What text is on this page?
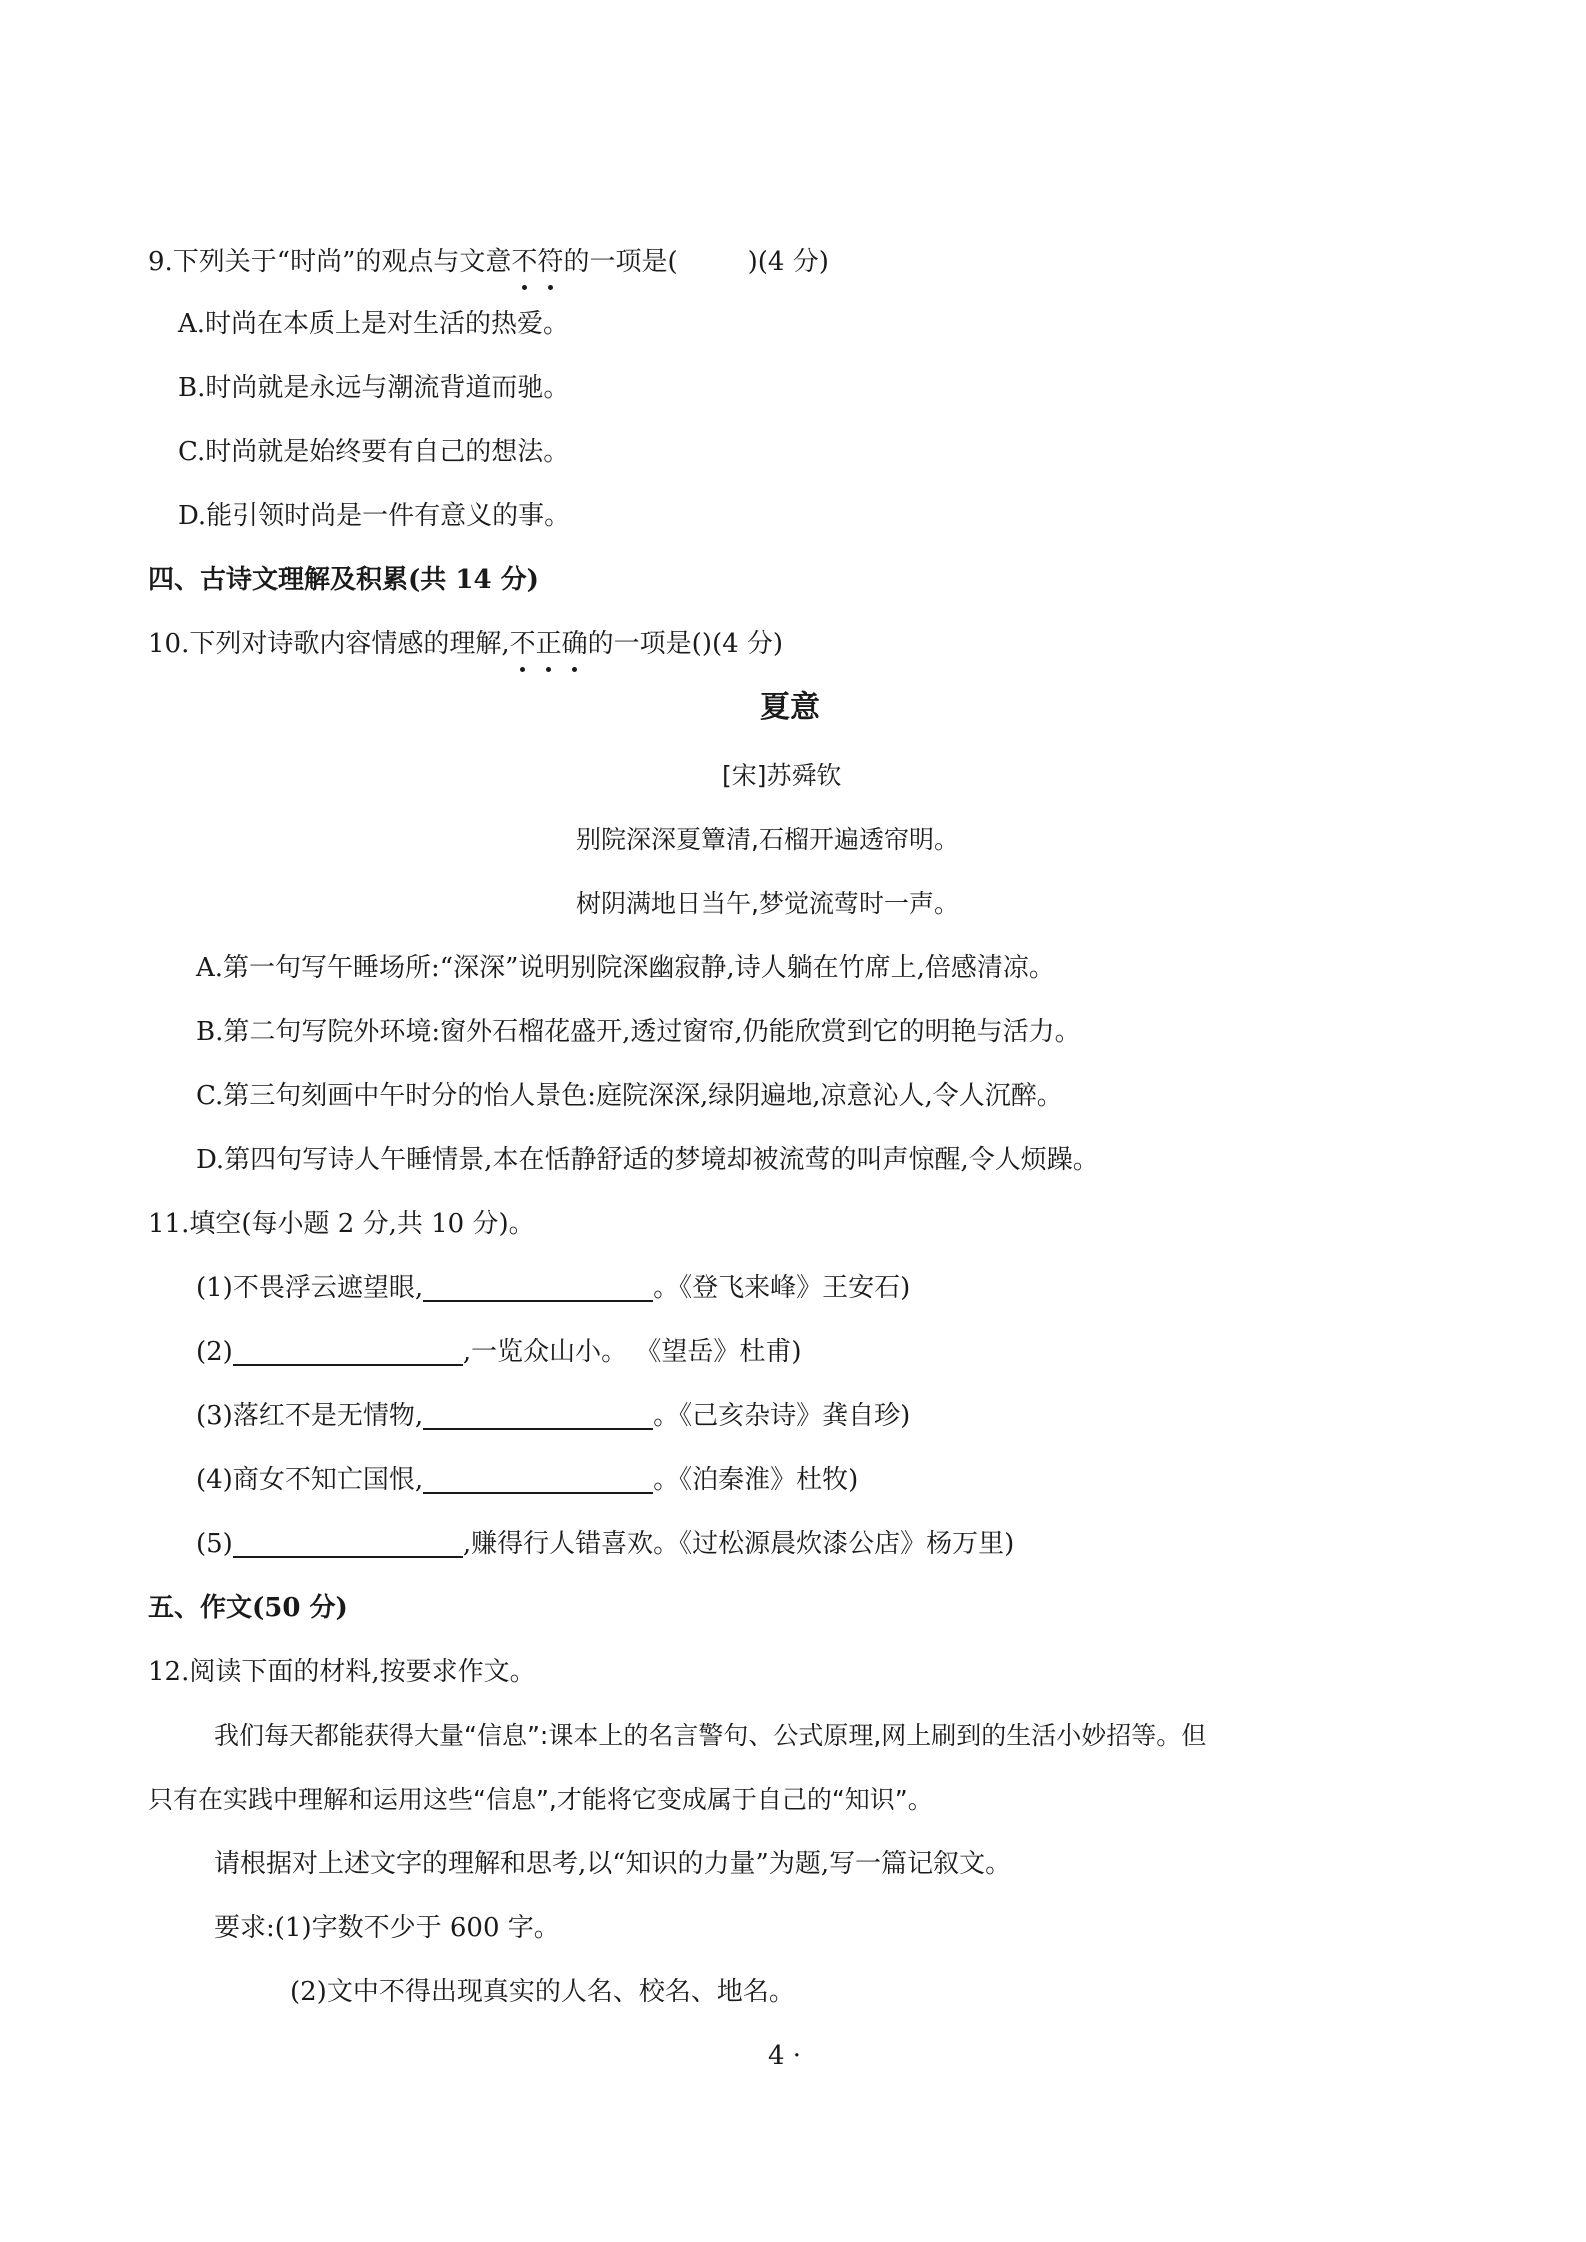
9.下列关于“时尚”的观点与文意不符的一项是(	)(4 分)
A.时尚在本质上是对生活的热爱。
B.时尚就是永远与潮流背道而驰。
C.时尚就是始终要有自己的想法。
D.能引领时尚是一件有意义的事。
四、古诗文理解及积累(共 14 分)
10.下列对诗歌内容情感的理解,不正确的一项是()(4 分)
夏意
[宋]苏舜钦
别院深深夏簟清,石榴开遍透帘明。
树阴满地日当午,梦觉流莺时一声。
A.第一句写午睡场所:“深深”说明别院深幽寂静,诗人躺在竹席上,倍感清凉。
B.第二句写院外环境:窗外石榴花盛开,透过窗帘,仍能欣赏到它的明艳与活力。
C.第三句刻画中午时分的怡人景色:庭院深深,绿阴遍地,凉意沁人,令人沉醉。
D.第四句写诗人午睡情景,本在恬静舒适的梦境却被流莺的叫声惊醒,令人烦躁。
11.填空(每小题 2 分,共 10 分)。
(1)不畏浮云遮望眼,	。《登飞来峰》王安石)
(2)	,一览众山小。 《望岳》杜甫)
(3)落红不是无情物,	。《己亥杂诗》龚自珍)
(4)商女不知亡国恨,	。《泊秦淮》杜牧)
(5)	,赚得行人错喜欢。《过松源晨炊漆公店》杨万里)
五、作文(50 分)
12.阅读下面的材料,按要求作文。
我们每天都能获得大量“信息”:课本上的名言警句、公式原理,网上刷到的生活小妙招等。但
只有在实践中理解和运用这些“信息”,才能将它变成属于自己的“知识”。
请根据对上述文字的理解和思考,以“知识的力量”为题,写一篇记叙文。
要求:(1)字数不少于 600 字。
(2)文中不得出现真实的人名、校名、地名。
4 ·
